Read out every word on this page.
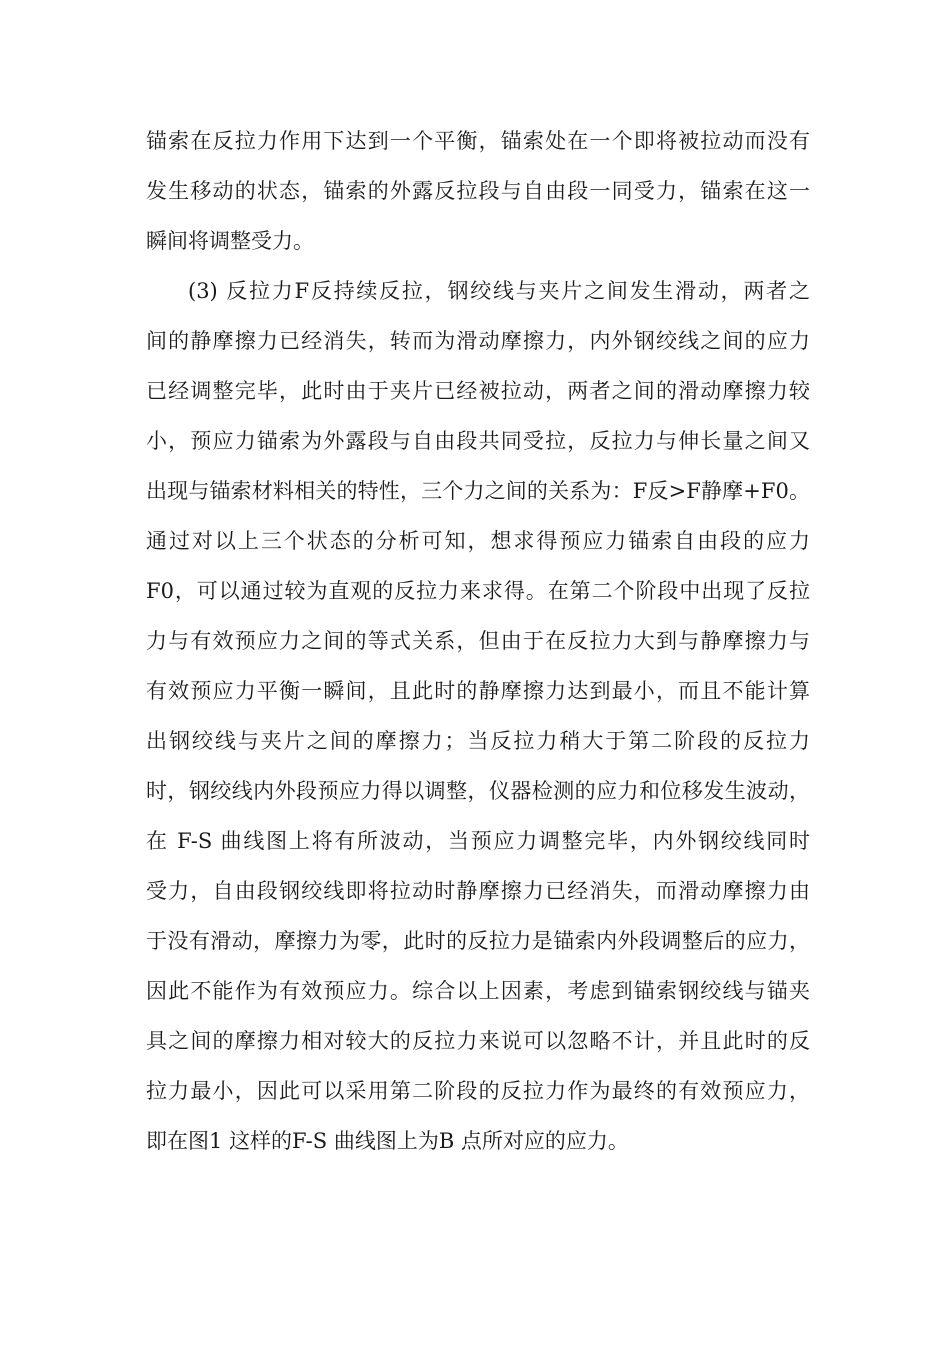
锚索在反拉力作用下达到一个平衡，锚索处在一个即将被拉动而没有
发生移动的状态，锚索的外露反拉段与自由段一同受力，锚索在这一
瞬间将调整受力。
(3) 反拉力F反持续反拉，钢绞线与夹片之间发生滑动，两者之
间的静摩擦力已经消失，转而为滑动摩擦力，内外钢绞线之间的应力
已经调整完毕，此时由于夹片已经被拉动，两者之间的滑动摩擦力较
小，预应力锚索为外露段与自由段共同受拉，反拉力与伸长量之间又
出现与锚索材料相关的特性，三个力之间的关系为：F反>F静摩+F0。
通过对以上三个状态的分析可知，想求得预应力锚索自由段的应力
F0，可以通过较为直观的反拉力来求得。在第二个阶段中出现了反拉
力与有效预应力之间的等式关系，但由于在反拉力大到与静摩擦力与
有效预应力平衡一瞬间，且此时的静摩擦力达到最小，而且不能计算
出钢绞线与夹片之间的摩擦力；当反拉力稍大于第二阶段的反拉力
时，钢绞线内外段预应力得以调整，仪器检测的应力和位移发生波动，
在 F-S 曲线图上将有所波动，当预应力调整完毕，内外钢绞线同时
受力，自由段钢绞线即将拉动时静摩擦力已经消失，而滑动摩擦力由
于没有滑动，摩擦力为零，此时的反拉力是锚索内外段调整后的应力，
因此不能作为有效预应力。综合以上因素，考虑到锚索钢绞线与锚夹
具之间的摩擦力相对较大的反拉力来说可以忽略不计，并且此时的反
拉力最小，因此可以采用第二阶段的反拉力作为最终的有效预应力，
即在图1 这样的F-S 曲线图上为B 点所对应的应力。
